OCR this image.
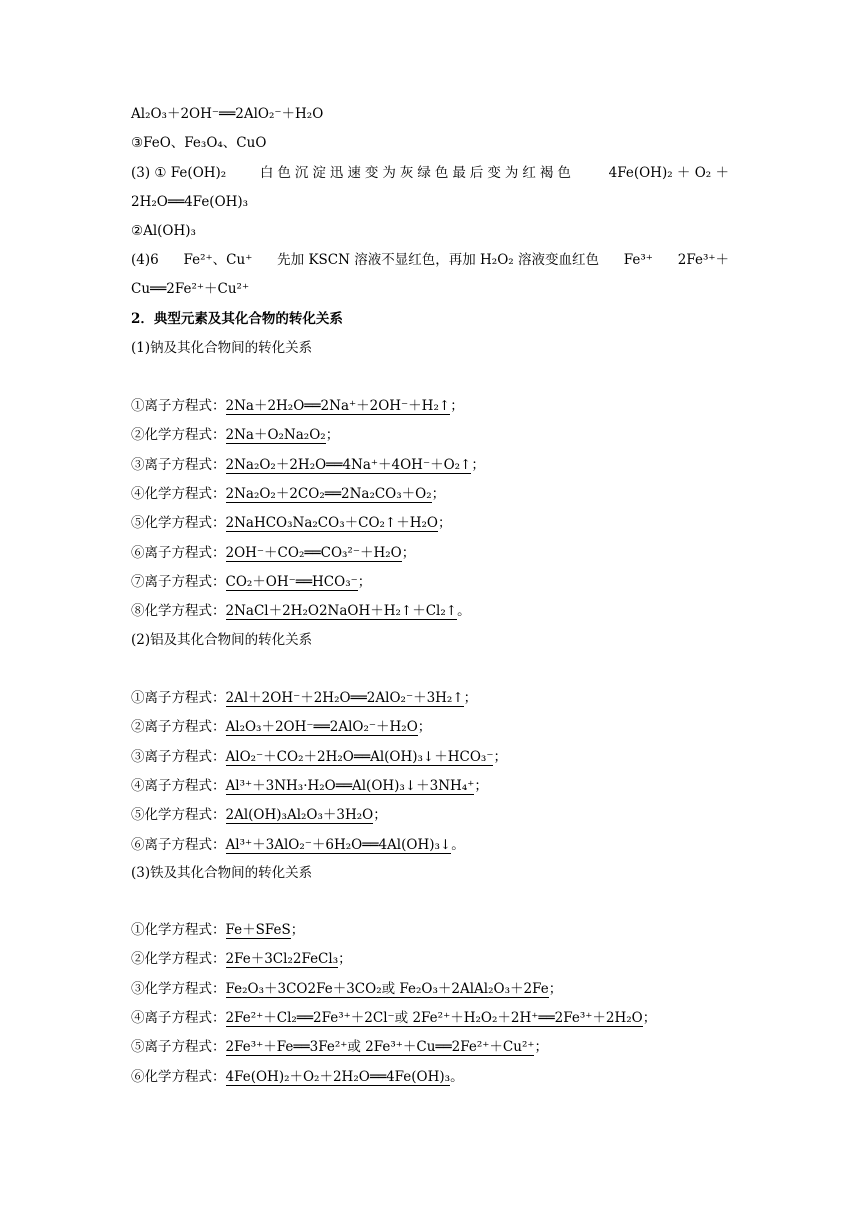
Al₂O₃＋2OH⁻══2AlO₂⁻＋H₂O
③FeO、Fe₃O₄、CuO
(3) ① Fe(OH)₂ 白色沉淀迅速变为灰绿色最后变为红褐色 4Fe(OH)₂ ＋ O₂ ＋
2H₂O══4Fe(OH)₃
②Al(OH)₃
(4)6 Fe²⁺、Cu⁺ 先加 KSCN 溶液不显红色，再加 H₂O₂ 溶液变血红色 Fe³⁺ 2Fe³⁺＋
Cu══2Fe²⁺＋Cu²⁺
2．典型元素及其化合物的转化关系
(1)钠及其化合物间的转化关系
①离子方程式：2Na＋2H₂O══2Na⁺＋2OH⁻＋H₂↑；
②化学方程式：2Na＋O₂Na₂O₂；
③离子方程式：2Na₂O₂＋2H₂O══4Na⁺＋4OH⁻＋O₂↑；
④化学方程式：2Na₂O₂＋2CO₂══2Na₂CO₃＋O₂；
⑤化学方程式：2NaHCO₃Na₂CO₃＋CO₂↑＋H₂O；
⑥离子方程式：2OH⁻＋CO₂══CO₃²⁻＋H₂O；
⑦离子方程式：CO₂＋OH⁻══HCO₃⁻；
⑧化学方程式：2NaCl＋2H₂O2NaOH＋H₂↑＋Cl₂↑。
(2)铝及其化合物间的转化关系
①离子方程式：2Al＋2OH⁻＋2H₂O══2AlO₂⁻＋3H₂↑；
②离子方程式：Al₂O₃＋2OH⁻══2AlO₂⁻＋H₂O；
③离子方程式：AlO₂⁻＋CO₂＋2H₂O══Al(OH)₃↓＋HCO₃⁻；
④离子方程式：Al³⁺＋3NH₃·H₂O══Al(OH)₃↓＋3NH₄⁺；
⑤化学方程式：2Al(OH)₃Al₂O₃＋3H₂O；
⑥离子方程式：Al³⁺＋3AlO₂⁻＋6H₂O══4Al(OH)₃↓。
(3)铁及其化合物间的转化关系
①化学方程式：Fe＋SFeS；
②化学方程式：2Fe＋3Cl₂2FeCl₃；
③化学方程式：Fe₂O₃＋3CO2Fe＋3CO₂或 Fe₂O₃＋2AlAl₂O₃＋2Fe；
④离子方程式：2Fe²⁺＋Cl₂══2Fe³⁺＋2Cl⁻或 2Fe²⁺＋H₂O₂＋2H⁺══2Fe³⁺＋2H₂O；
⑤离子方程式：2Fe³⁺＋Fe══3Fe²⁺或 2Fe³⁺＋Cu══2Fe²⁺＋Cu²⁺；
⑥化学方程式：4Fe(OH)₂＋O₂＋2H₂O══4Fe(OH)₃。
